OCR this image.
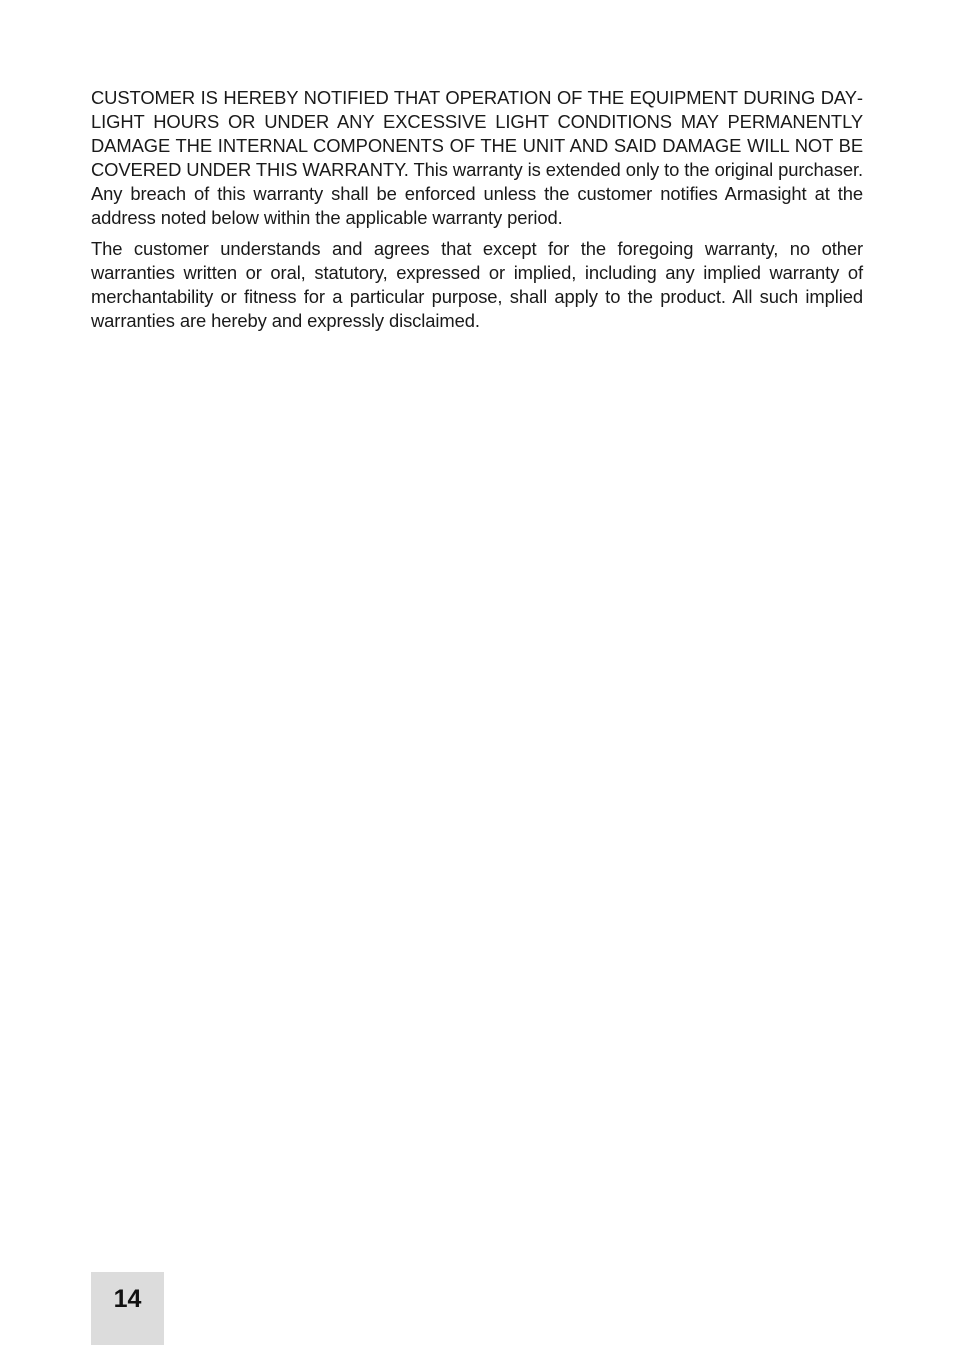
CUSTOMER IS HEREBY NOTIFIED THAT OPERATION OF THE EQUIPMENT DURING DAYLIGHT HOURS OR UNDER ANY EXCESSIVE LIGHT CONDITIONS MAY PERMANENTLY DAMAGE THE INTERNAL COMPONENTS OF THE UNIT AND SAID DAMAGE WILL NOT BE COVERED UNDER THIS WARRANTY. This warranty is extended only to the original purchaser. Any breach of this warranty shall be enforced unless the customer notifies Armasight at the address noted below within the applicable warranty period.

The customer understands and agrees that except for the foregoing warranty, no other warranties written or oral, statutory, expressed or implied, including any implied warranty of merchantability or fitness for a particular purpose, shall apply to the product. All such implied warranties are hereby and expressly disclaimed.

14
